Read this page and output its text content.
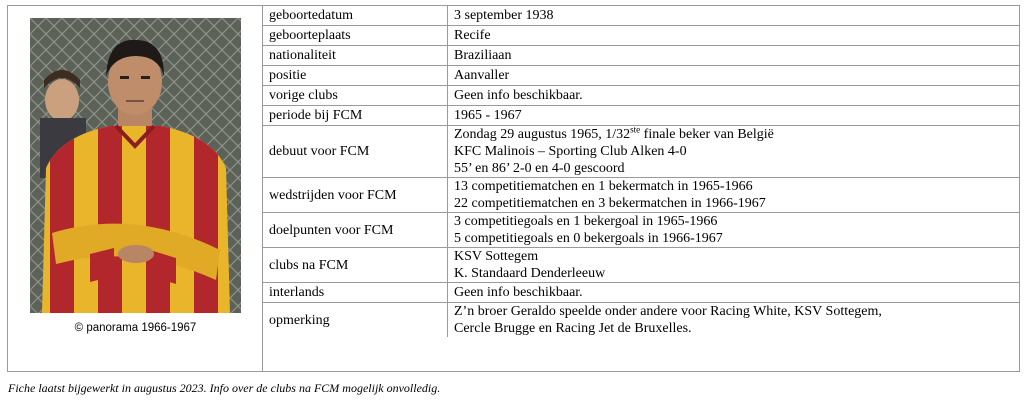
© panorama 1966-1967
geboortedatum	3 september 1938
geboorteplaats	Recife
nationaliteit	Braziliaan
positie	Aanvaller
vorige clubs	Geen info beschikbaar.
periode bij FCM	1965 - 1967
debuut voor FCM	Zondag 29 augustus 1965, 1/32ste finale beker van België
KFC Malinois – Sporting Club Alken 4-0
55’ en 86’ 2-0 en 4-0 gescoord

wedstrijden voor FCM	13 competitiematchen en 1 bekermatch in 1965-1966
22 competitiematchen en 3 bekermatchen in 1966-1967

doelpunten voor FCM	3 competitiegoals en 1 bekergoal in 1965-1966
5 competitiegoals en 0 bekergoals in 1966-1967

clubs na FCM	KSV Sottegem
K. Standaard Denderleeuw

interlands	Geen info beschikbaar.
opmerking	Z’n broer Geraldo speelde onder andere voor Racing White, KSV Sottegem,
Cercle Brugge en Racing Jet de Bruxelles.
Fiche laatst bijgewerkt in augustus 2023. Info over de clubs na FCM mogelijk onvolledig.
